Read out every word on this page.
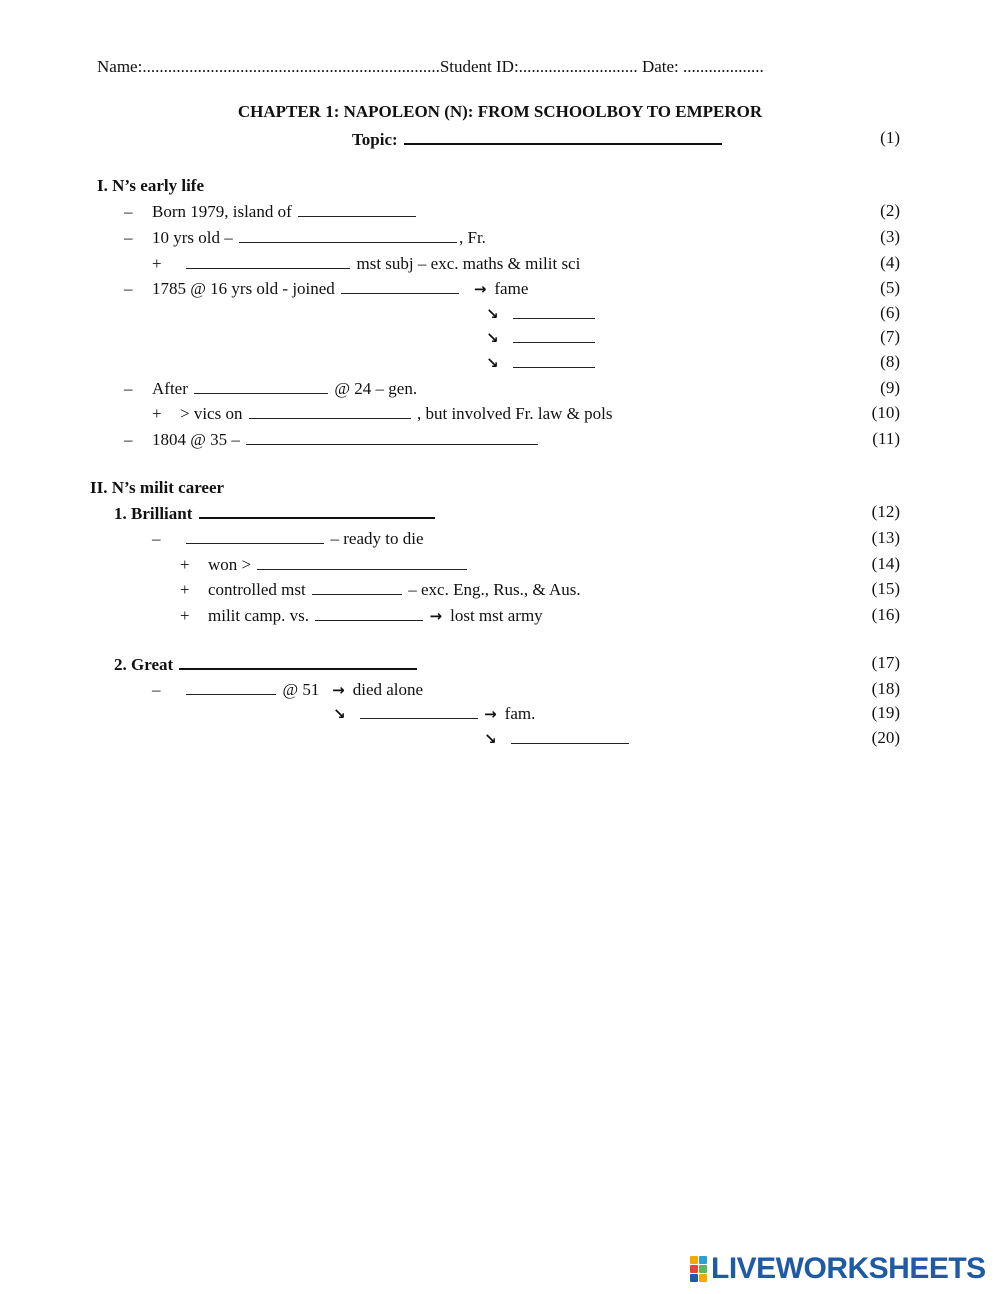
Name:......................................................................Student ID:............................ Date: ...................
CHAPTER 1: NAPOLEON (N): FROM SCHOOLBOY TO EMPEROR
Topic:	(1)
I. N’s early life
– Born 1979, island of	(2)
– 10 yrs old –	, Fr.	(3)
+	mst subj – exc. maths & milit sci	(4)
– 1785 @ 16 yrs old - joined	→ fame	(5)
↘	(6)
↘	(7)
↘	(8)
– After	@ 24 – gen.	(9)
+ > vics on	, but involved Fr. law & pols	(10)
– 1804 @ 35 –	(11)
II. N’s milit career
1. Brilliant	(12)
–	– ready to die	(13)
+ won >	(14)
+ controlled mst	– exc. Eng., Rus., & Aus.	(15)
+ milit camp. vs.	→ lost mst army	(16)
2. Great	(17)
–	@ 51 → died alone	(18)
↘	→ fam.	(19)
↘	(20)
LIVEWORKSHEETS
